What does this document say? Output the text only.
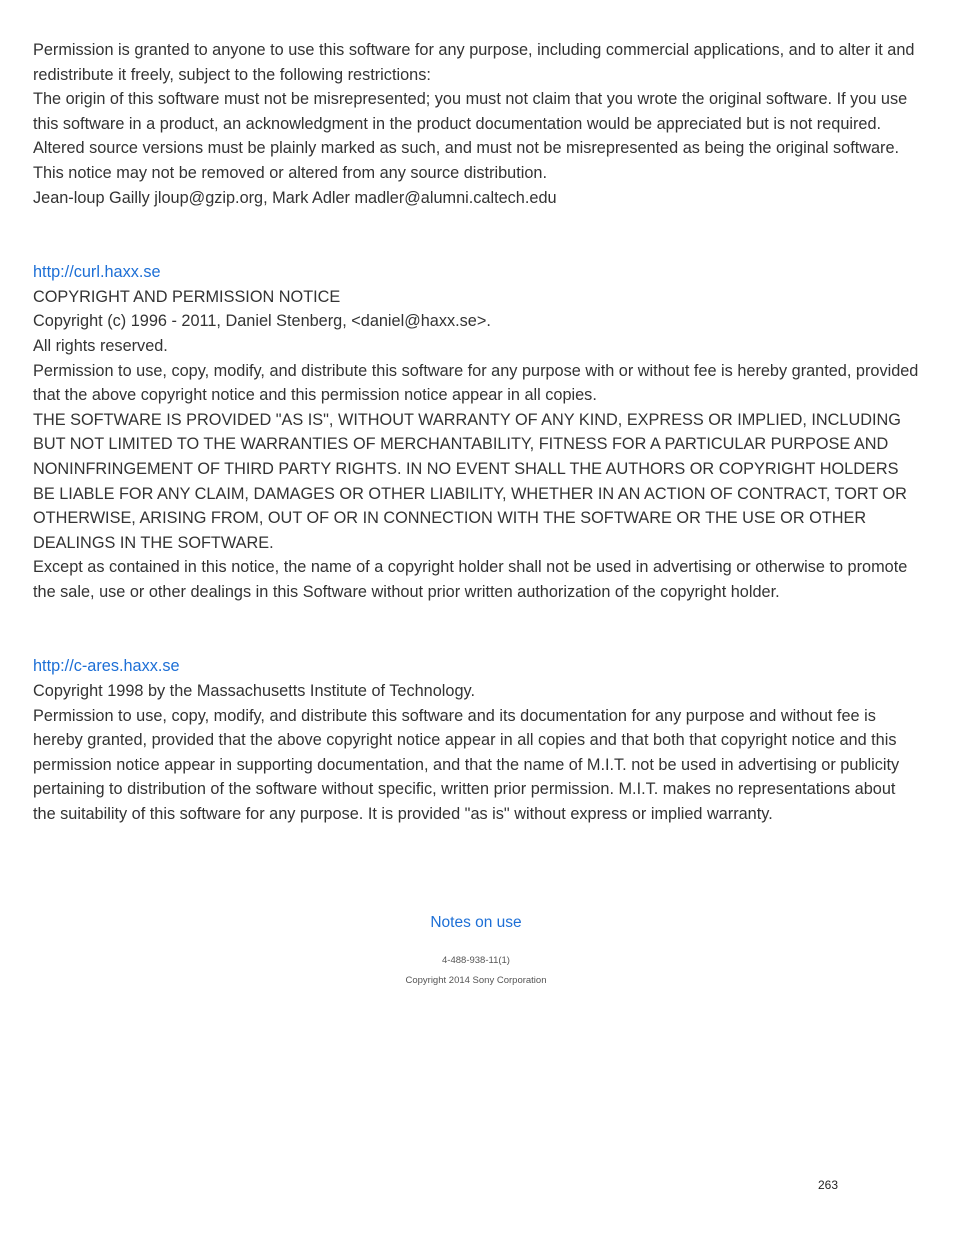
Permission is granted to anyone to use this software for any purpose, including commercial applications, and to alter it and redistribute it freely, subject to the following restrictions:

The origin of this software must not be misrepresented; you must not claim that you wrote the original software. If you use this software in a product, an acknowledgment in the product documentation would be appreciated but is not required.

Altered source versions must be plainly marked as such, and must not be misrepresented as being the original software.

This notice may not be removed or altered from any source distribution.

Jean-loup Gailly jloup@gzip.org, Mark Adler madler@alumni.caltech.edu

http://curl.haxx.se

COPYRIGHT AND PERMISSION NOTICE

Copyright (c) 1996 - 2011, Daniel Stenberg, <daniel@haxx.se>.

All rights reserved.

Permission to use, copy, modify, and distribute this software for any purpose with or without fee is hereby granted, provided that the above copyright notice and this permission notice appear in all copies.

THE SOFTWARE IS PROVIDED "AS IS", WITHOUT WARRANTY OF ANY KIND, EXPRESS OR IMPLIED, INCLUDING BUT NOT LIMITED TO THE WARRANTIES OF MERCHANTABILITY, FITNESS FOR A PARTICULAR PURPOSE AND NONINFRINGEMENT OF THIRD PARTY RIGHTS. IN NO EVENT SHALL THE AUTHORS OR COPYRIGHT HOLDERS BE LIABLE FOR ANY CLAIM, DAMAGES OR OTHER LIABILITY, WHETHER IN AN ACTION OF CONTRACT, TORT OR OTHERWISE, ARISING FROM, OUT OF OR IN CONNECTION WITH THE SOFTWARE OR THE USE OR OTHER DEALINGS IN THE SOFTWARE.

Except as contained in this notice, the name of a copyright holder shall not be used in advertising or otherwise to promote the sale, use or other dealings in this Software without prior written authorization of the copyright holder.

http://c-ares.haxx.se

Copyright 1998 by the Massachusetts Institute of Technology.

Permission to use, copy, modify, and distribute this software and its documentation for any purpose and without fee is hereby granted, provided that the above copyright notice appear in all copies and that both that copyright notice and this permission notice appear in supporting documentation, and that the name of M.I.T. not be used in advertising or publicity pertaining to distribution of the software without specific, written prior permission. M.I.T. makes no representations about the suitability of this software for any purpose. It is provided "as is" without express or implied warranty.

Notes on use
4-488-938-11(1)
Copyright 2014 Sony Corporation
263
